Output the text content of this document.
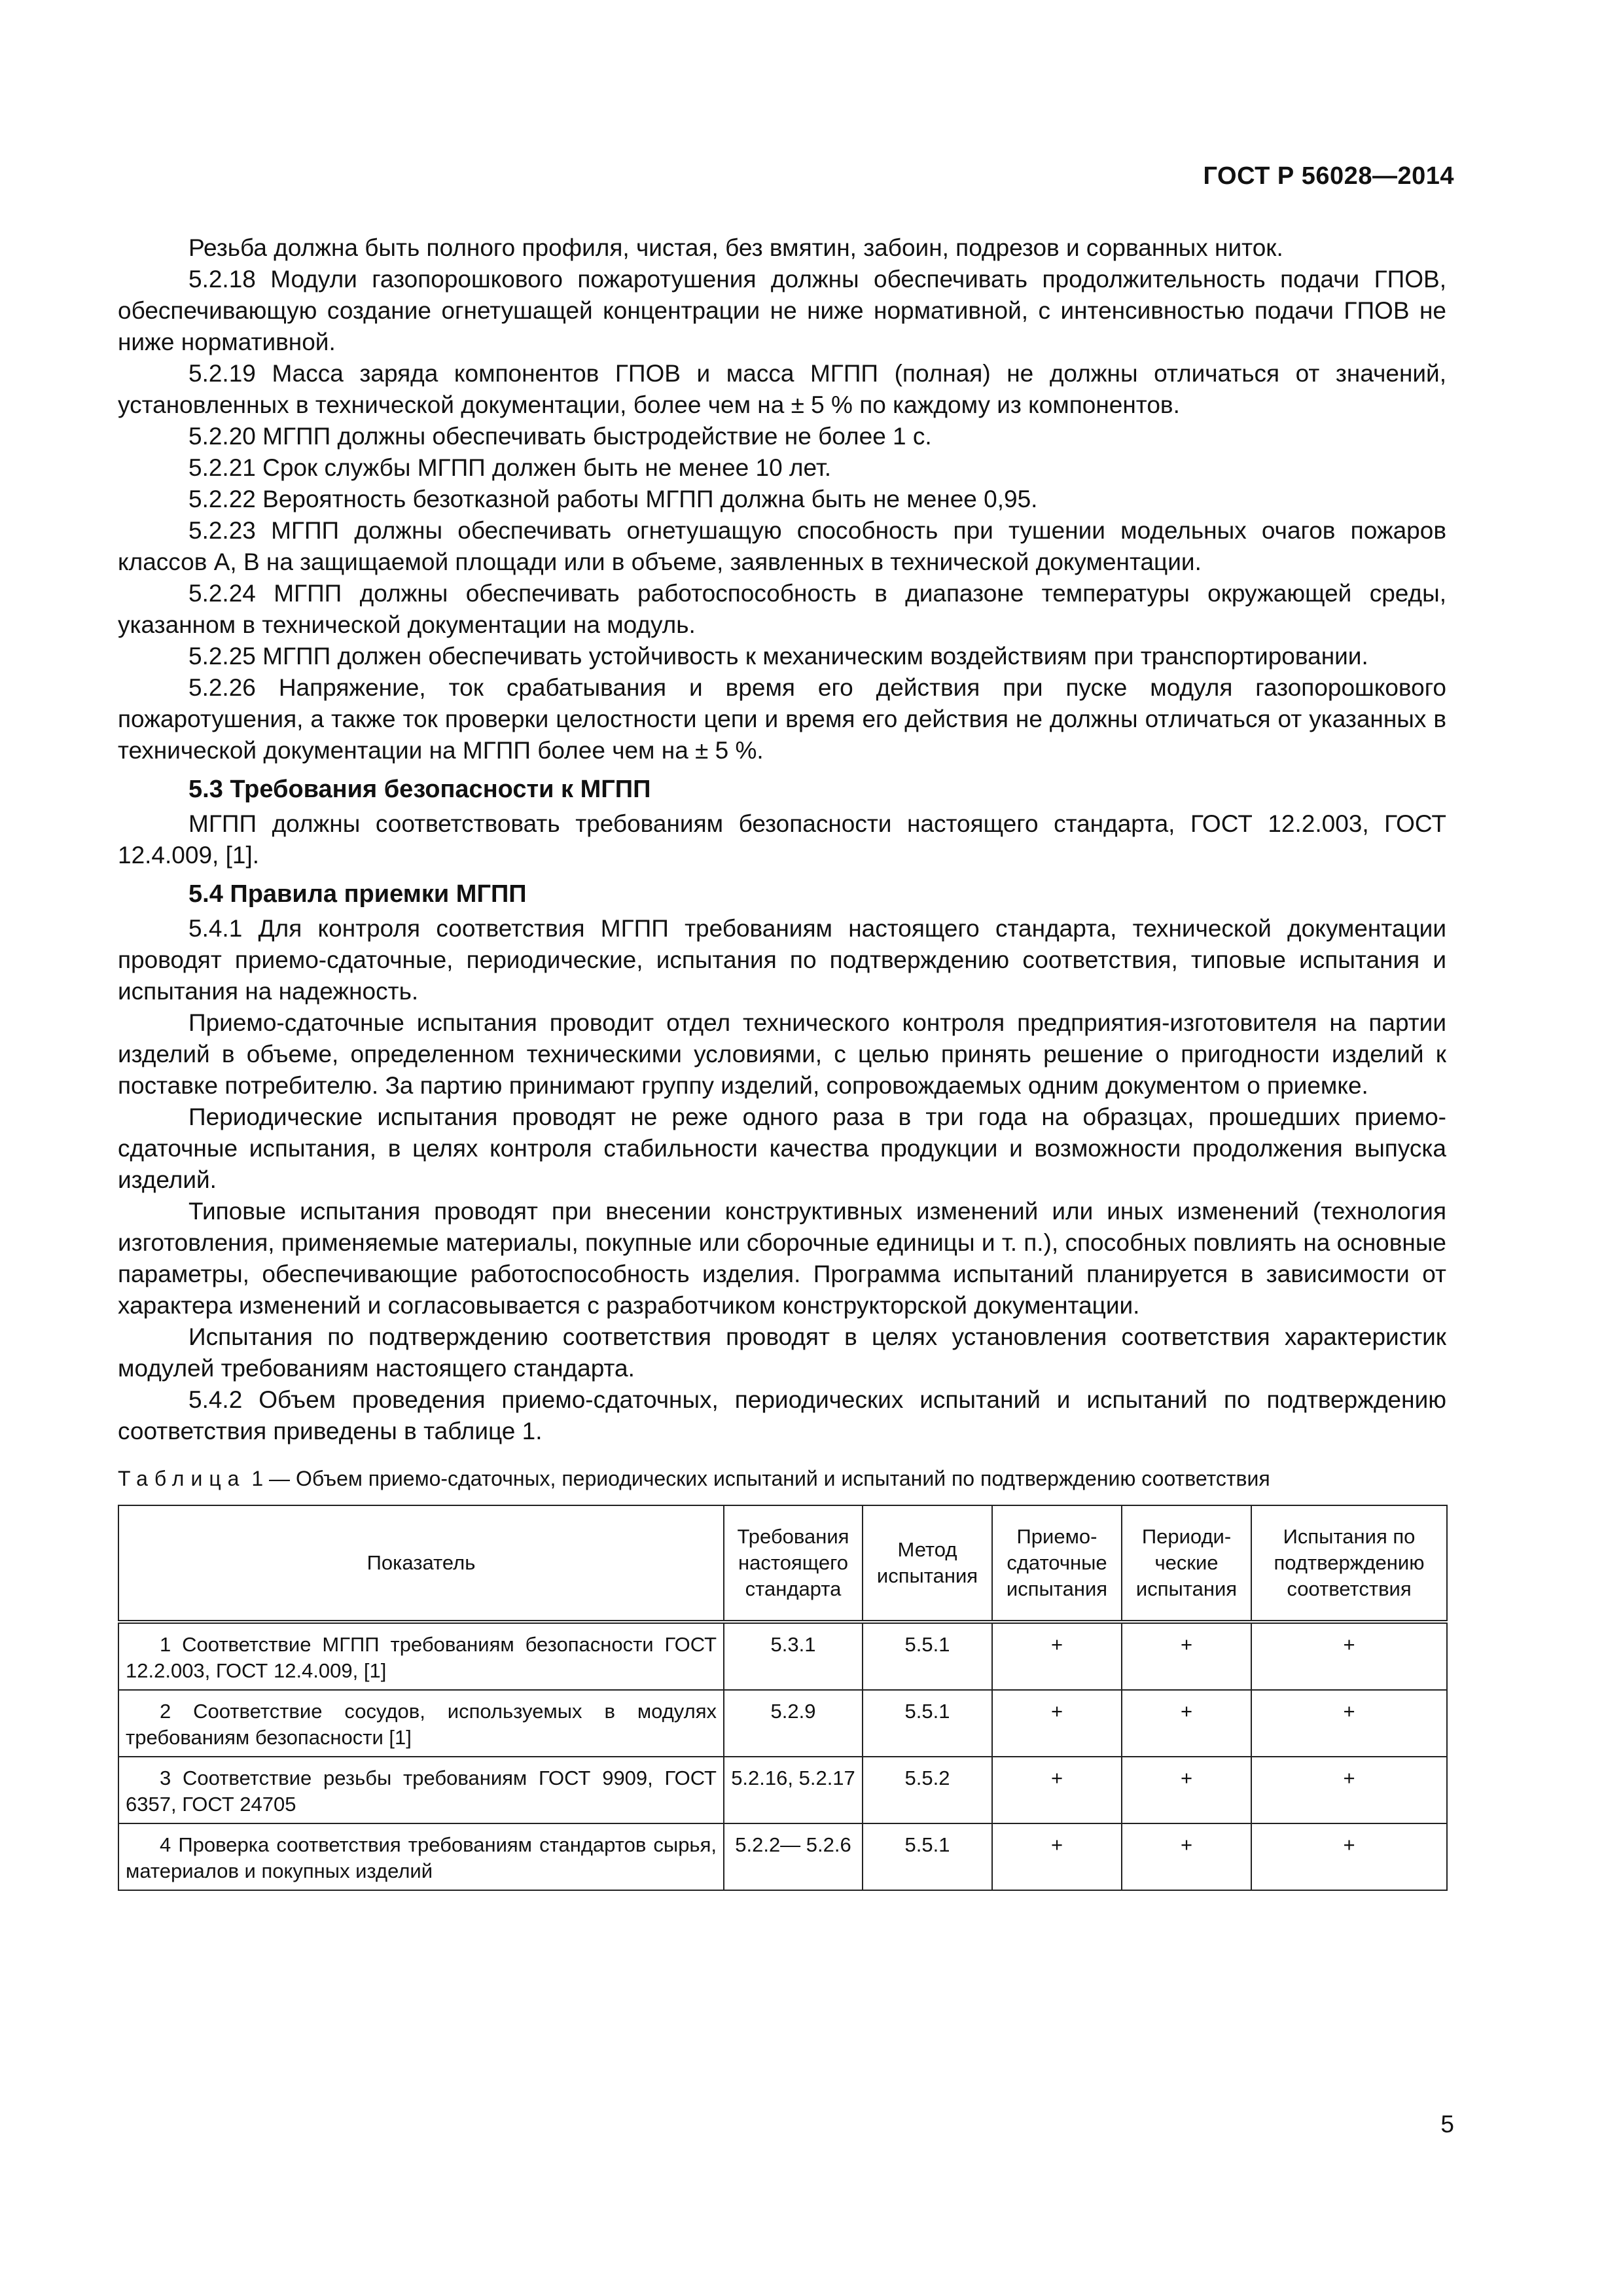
ГОСТ Р 56028—2014

Резьба должна быть полного профиля, чистая, без вмятин, забоин, подрезов и сорванных ниток.

5.2.18 Модули газопорошкового пожаротушения должны обеспечивать продолжительность подачи ГПОВ, обеспечивающую создание огнетушащей концентрации не ниже нормативной, с интенсивностью подачи ГПОВ не ниже нормативной.

5.2.19 Масса заряда компонентов ГПОВ и масса МГПП (полная) не должны отличаться от значений, установленных в технической документации, более чем на ± 5 % по каждому из компонентов.

5.2.20 МГПП должны обеспечивать быстродействие не более 1 с.

5.2.21 Срок службы МГПП должен быть не менее 10 лет.

5.2.22 Вероятность безотказной работы МГПП должна быть не менее 0,95.

5.2.23 МГПП должны обеспечивать огнетушащую способность при тушении модельных очагов пожаров классов А, В на защищаемой площади или в объеме, заявленных в технической документации.

5.2.24 МГПП должны обеспечивать работоспособность в диапазоне температуры окружающей среды, указанном в технической документации на модуль.

5.2.25 МГПП должен обеспечивать устойчивость к механическим воздействиям при транспортировании.

5.2.26 Напряжение, ток срабатывания и время его действия при пуске модуля газопорошкового пожаротушения, а также ток проверки целостности цепи и время его действия не должны отличаться от указанных в технической документации на МГПП более чем на ± 5 %.

5.3 Требования безопасности к МГПП

МГПП должны соответствовать требованиям безопасности настоящего стандарта, ГОСТ 12.2.003, ГОСТ 12.4.009, [1].

5.4 Правила приемки МГПП

5.4.1 Для контроля соответствия МГПП требованиям настоящего стандарта, технической документации проводят приемо-сдаточные, периодические, испытания по подтверждению соответствия, типовые испытания и испытания на надежность.

Приемо-сдаточные испытания проводит отдел технического контроля предприятия-изготовителя на партии изделий в объеме, определенном техническими условиями, с целью принять решение о пригодности изделий к поставке потребителю. За партию принимают группу изделий, сопровождаемых одним документом о приемке.

Периодические испытания проводят не реже одного раза в три года на образцах, прошедших приемо-сдаточные испытания, в целях контроля стабильности качества продукции и возможности продолжения выпуска изделий.

Типовые испытания проводят при внесении конструктивных изменений или иных изменений (технология изготовления, применяемые материалы, покупные или сборочные единицы и т. п.), способных повлиять на основные параметры, обеспечивающие работоспособность изделия. Программа испытаний планируется в зависимости от характера изменений и согласовывается с разработчиком конструкторской документации.

Испытания по подтверждению соответствия проводят в целях установления соответствия характеристик модулей требованиям настоящего стандарта.

5.4.2 Объем проведения приемо-сдаточных, периодических испытаний и испытаний по подтверждению соответствия приведены в таблице 1.

Таблица 1 — Объем приемо-сдаточных, периодических испытаний и испытаний по подтверждению соответствия
Показатель	Требования настоящего стандарта	Метод испытания	Приемо-сдаточные испытания	Периоди-ческие испытания	Испытания по подтверждению соответствия
1 Соответствие МГПП требованиям безопасности ГОСТ 12.2.003, ГОСТ 12.4.009, [1]	5.3.1	5.5.1	+	+	+
2 Соответствие сосудов, используемых в модулях требованиям безопасности [1]	5.2.9	5.5.1	+	+	+
3 Соответствие резьбы требованиям ГОСТ 9909, ГОСТ 6357, ГОСТ 24705	5.2.16, 5.2.17	5.5.2	+	+	+
4 Проверка соответствия требованиям стандартов сырья, материалов и покупных изделий	5.2.2— 5.2.6	5.5.1	+	+	+
5
